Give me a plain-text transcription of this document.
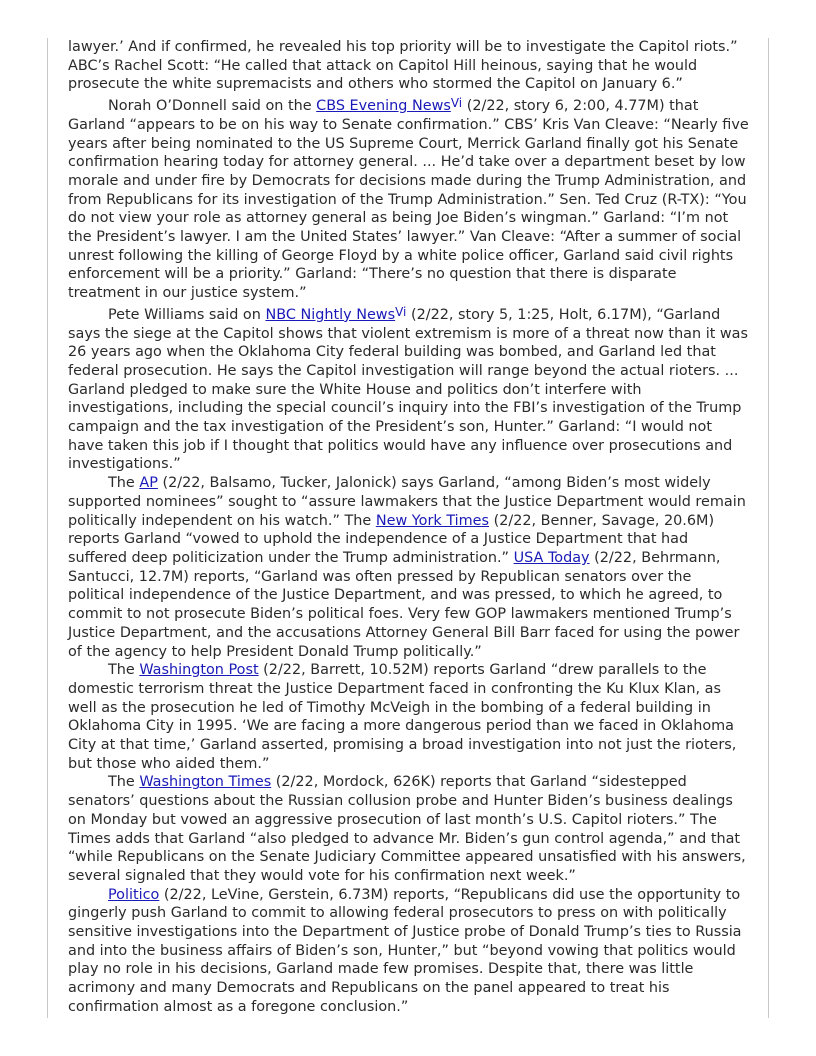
lawyer.’ And if confirmed, he revealed his top priority will be to investigate the Capitol riots.” ABC’s Rachel Scott: “He called that attack on Capitol Hill heinous, saying that he would prosecute the white supremacists and others who stormed the Capitol on January 6.”

Norah O’Donnell said on the CBS Evening News$^{Vi}$ (2/22, story 6, 2:00, 4.77M) that Garland “appears to be on his way to Senate confirmation.” CBS’ Kris Van Cleave: “Nearly five years after being nominated to the US Supreme Court, Merrick Garland finally got his Senate confirmation hearing today for attorney general. ... He’d take over a department beset by low morale and under fire by Democrats for decisions made during the Trump Administration, and from Republicans for its investigation of the Trump Administration.” Sen. Ted Cruz (R-TX): “You do not view your role as attorney general as being Joe Biden’s wingman.” Garland: “I’m not the President’s lawyer. I am the United States’ lawyer.” Van Cleave: “After a summer of social unrest following the killing of George Floyd by a white police officer, Garland said civil rights enforcement will be a priority.” Garland: “There’s no question that there is disparate treatment in our justice system.”

Pete Williams said on NBC Nightly News$^{Vi}$ (2/22, story 5, 1:25, Holt, 6.17M), “Garland says the siege at the Capitol shows that violent extremism is more of a threat now than it was 26 years ago when the Oklahoma City federal building was bombed, and Garland led that federal prosecution. He says the Capitol investigation will range beyond the actual rioters. ... Garland pledged to make sure the White House and politics don’t interfere with investigations, including the special council’s inquiry into the FBI’s investigation of the Trump campaign and the tax investigation of the President’s son, Hunter.” Garland: “I would not have taken this job if I thought that politics would have any influence over prosecutions and investigations.”

The AP (2/22, Balsamo, Tucker, Jalonick) says Garland, “among Biden’s most widely supported nominees” sought to “assure lawmakers that the Justice Department would remain politically independent on his watch.” The New York Times (2/22, Benner, Savage, 20.6M) reports Garland “vowed to uphold the independence of a Justice Department that had suffered deep politicization under the Trump administration.” USA Today (2/22, Behrmann, Santucci, 12.7M) reports, “Garland was often pressed by Republican senators over the political independence of the Justice Department, and was pressed, to which he agreed, to commit to not prosecute Biden’s political foes. Very few GOP lawmakers mentioned Trump’s Justice Department, and the accusations Attorney General Bill Barr faced for using the power of the agency to help President Donald Trump politically.”

The Washington Post (2/22, Barrett, 10.52M) reports Garland “drew parallels to the domestic terrorism threat the Justice Department faced in confronting the Ku Klux Klan, as well as the prosecution he led of Timothy McVeigh in the bombing of a federal building in Oklahoma City in 1995. ‘We are facing a more dangerous period than we faced in Oklahoma City at that time,’ Garland asserted, promising a broad investigation into not just the rioters, but those who aided them.”

The Washington Times (2/22, Mordock, 626K) reports that Garland “sidestepped senators’ questions about the Russian collusion probe and Hunter Biden’s business dealings on Monday but vowed an aggressive prosecution of last month’s U.S. Capitol rioters.” The Times adds that Garland “also pledged to advance Mr. Biden’s gun control agenda,” and that “while Republicans on the Senate Judiciary Committee appeared unsatisfied with his answers, several signaled that they would vote for his confirmation next week.”

Politico (2/22, LeVine, Gerstein, 6.73M) reports, “Republicans did use the opportunity to gingerly push Garland to commit to allowing federal prosecutors to press on with politically sensitive investigations into the Department of Justice probe of Donald Trump’s ties to Russia and into the business affairs of Biden’s son, Hunter,” but “beyond vowing that politics would play no role in his decisions, Garland made few promises. Despite that, there was little acrimony and many Democrats and Republicans on the panel appeared to treat his confirmation almost as a foregone conclusion.”
